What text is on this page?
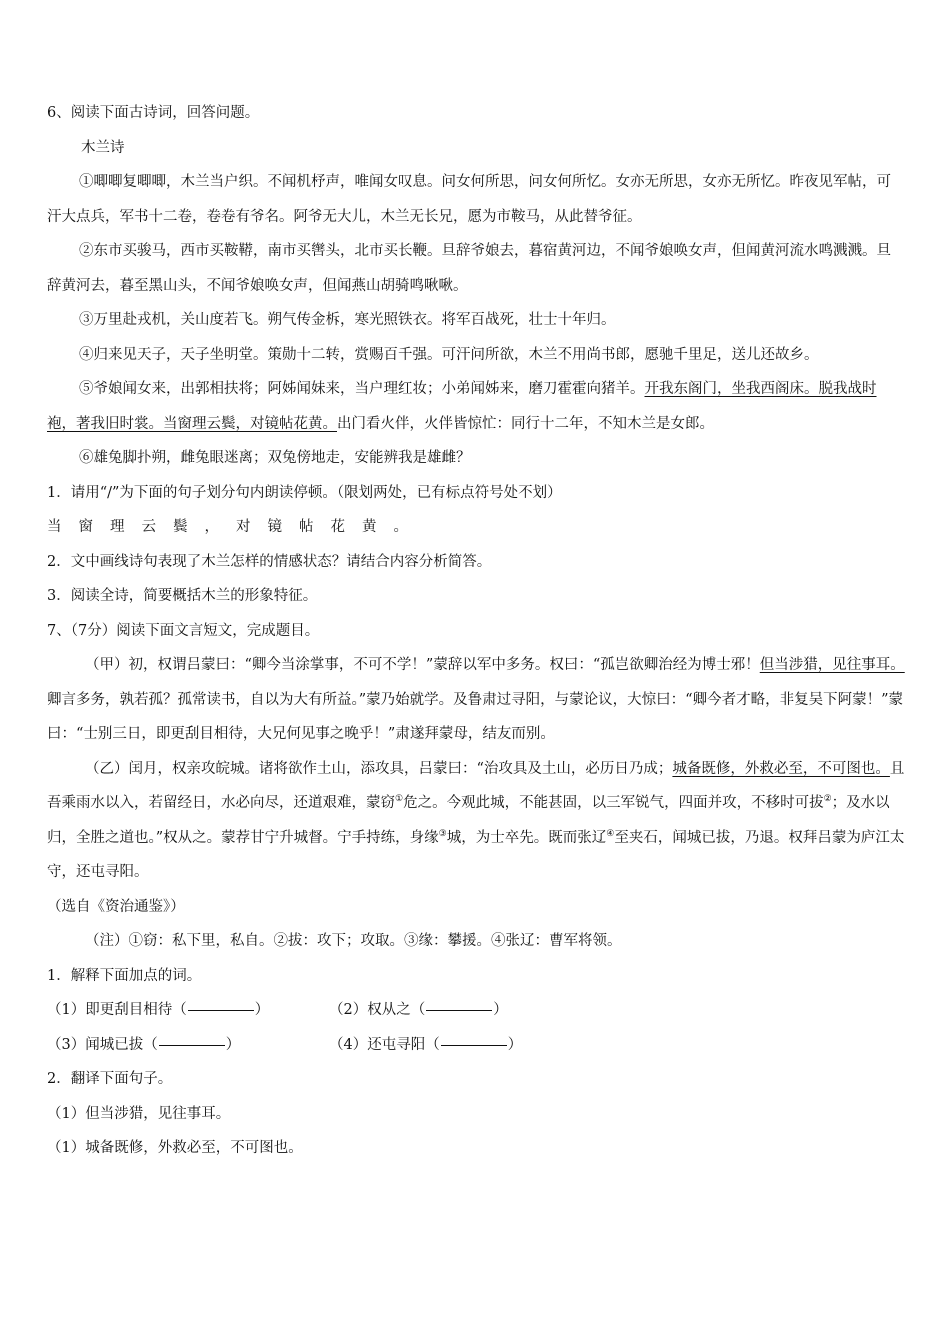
6、阅读下面古诗词，回答问题。

木兰诗

①唧唧复唧唧，木兰当户织。不闻机杼声，唯闻女叹息。问女何所思，问女何所忆。女亦无所思，女亦无所忆。昨夜见军帖，可汗大点兵，军书十二卷，卷卷有爷名。阿爷无大儿，木兰无长兄，愿为市鞍马，从此替爷征。

②东市买骏马，西市买鞍鞯，南市买辔头，北市买长鞭。旦辞爷娘去，暮宿黄河边，不闻爷娘唤女声，但闻黄河流水鸣溅溅。旦辞黄河去，暮至黑山头，不闻爷娘唤女声，但闻燕山胡骑鸣啾啾。

③万里赴戎机，关山度若飞。朔气传金柝，寒光照铁衣。将军百战死，壮士十年归。

④归来见天子，天子坐明堂。策勋十二转，赏赐百千强。可汗问所欲，木兰不用尚书郎，愿驰千里足，送儿还故乡。

⑤爷娘闻女来，出郭相扶将；阿姊闻妹来，当户理红妆；小弟闻姊来，磨刀霍霍向猪羊。开我东阁门，坐我西阁床。脱我战时袍，著我旧时裳。当窗理云鬓，对镜帖花黄。出门看火伴，火伴皆惊忙：同行十二年，不知木兰是女郎。

⑥雄兔脚扑朔，雌兔眼迷离；双兔傍地走，安能辨我是雄雌？

1．请用“/”为下面的句子划分句内朗读停顿。（限划两处，已有标点符号处不划）

当窗理云鬓，对镜帖花黄。

2．文中画线诗句表现了木兰怎样的情感状态？请结合内容分析简答。

3．阅读全诗，简要概括木兰的形象特征。

7、（7分）阅读下面文言短文，完成题目。

（甲）初，权谓吕蒙曰：“卿今当涂掌事，不可不学！”蒙辞以军中多务。权曰：“孤岂欲卿治经为博士邪！但当涉猎，见往事耳。卿言多务，孰若孤？孤常读书，自以为大有所益。”蒙乃始就学。及鲁肃过寻阳，与蒙论议，大惊曰：“卿今者才略，非复吴下阿蒙！”蒙曰：“士别三日，即更刮目相待，大兄何见事之晚乎！”肃遂拜蒙母，结友而别。

（乙）闰月，权亲攻皖城。诸将欲作土山，添攻具，吕蒙曰：“治攻具及土山，必历日乃成；城备既修，外救必至，不可图也。且吾乘雨水以入，若留经日，水必向尽，还道艰难，蒙窃①危之。今观此城，不能甚固，以三军锐气，四面并攻，不移时可拔②；及水以归，全胜之道也。”权从之。蒙荐甘宁升城督。宁手持练，身缘③城，为士卒先。既而张辽④至夹石，闻城已拔，乃退。权拜吕蒙为庐江太守，还屯寻阳。

（选自《资治通鉴》）

（注）①窃：私下里，私自。②拔：攻下；攻取。③缘：攀援。④张辽：曹军将领。

1．解释下面加点的词。

（1）即更刮目相待（	）	（2）权从之（	）
（3）闻城已拔（	）	（4）还屯寻阳（	）

2．翻译下面句子。

（1）但当涉猎，见往事耳。

（1）城备既修，外救必至，不可图也。
